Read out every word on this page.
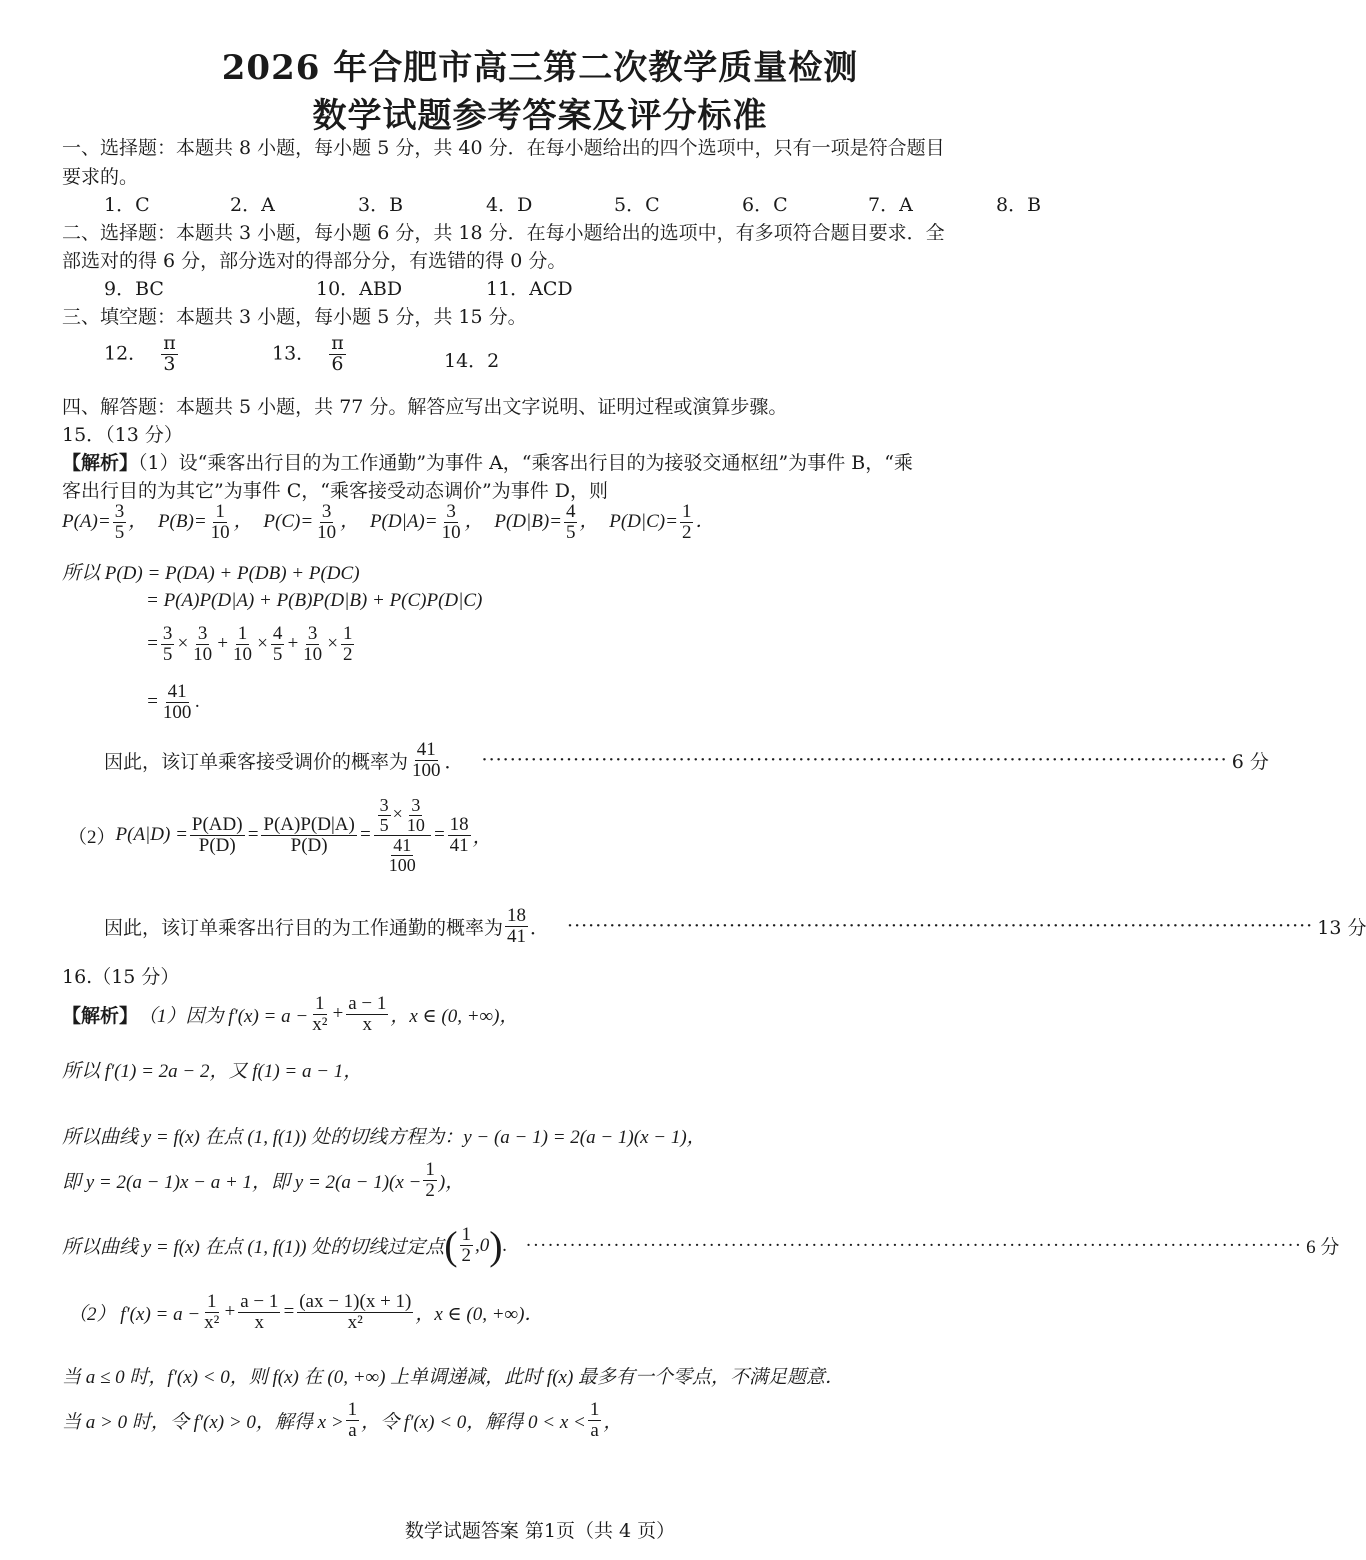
2026 年合肥市高三第二次教学质量检测
数学试题参考答案及评分标准
一、选择题：本题共 8 小题，每小题 5 分，共 40 分．在每小题给出的四个选项中，只有一项是符合题目
要求的。
1．C	2．A	3．B	4．D	5．C	6．C	7．A	8．B
二、选择题：本题共 3 小题，每小题 6 分，共 18 分．在每小题给出的选项中，有多项符合题目要求．全
部选对的得 6 分，部分选对的得部分分，有选错的得 0 分。
9．BC	10．ABD	11．ACD
三、填空题：本题共 3 小题，每小题 5 分，共 15 分。
12． $\frac{\pi}{3}$	13． $\frac{\pi}{6}$	14．2
四、解答题：本题共 5 小题，共 77 分。解答应写出文字说明、证明过程或演算步骤。
15．（13 分）
【解析】（1）设“乘客出行目的为工作通勤”为事件 A，“乘客出行目的为接驳交通枢纽”为事件 B，“乘
客出行目的为其它”为事件 C，“乘客接受动态调价”为事件 D，则
$P(A)= \frac{3}{5}$ ， $P(B)= \frac{1}{10}$ ， $P(C)= \frac{3}{10}$ ， $P(D|A)= \frac{3}{10}$ ， $P(D|B)= \frac{4}{5}$ ， $P(D|C)= \frac{1}{2}$ ．
所以 P(D) = P(DA) + P(DB) + P(DC)
= P(A)P(D|A) + P(B)P(D|B) + P(C)P(D|C)
= $\frac{3}{5} \times \frac{3}{10} + \frac{1}{10} \times \frac{4}{5} + \frac{3}{10} \times \frac{1}{2}$
= $\frac{41}{100}$ .
因此，该订单乘客接受调价的概率为
41
100 ． ·········································································································· 6 分
（2） $P(A|D) = \frac{P(AD)}{P(D)} = \frac{P(A)P(D|A)}{P(D)} = \frac{\frac{3}{5} \times \frac{3}{10}}{\frac{41}{100}} = \frac{18}{41}$ ，
因此，该订单乘客出行目的为工作通勤的概率为
18
41 ． ·········································································································· 13 分
16.（15 分）
【解析】 （1）因为 $f'(x) = a - \frac{1}{\text{x²}} + \frac{a - 1}{x}$ ，x ∈ (0, +∞)，
所以 f′(1) = 2a − 2，又 f(1) = a − 1，
所以曲线 y = f(x) 在点 (1, f(1)) 处的切线方程为：y − (a − 1) = 2(a − 1)(x − 1)，
即 y = 2(a − 1)x − a + 1，即 $y = 2(a - 1)(x - \frac{1}{2}$ )，
所以曲线 y = f(x) 在点 (1, f(1)) 处的切线过定点 ( 1
2 ,0 ) . ·········································································································· 6 分
（2） $f'(x) = a - \frac{1}{\text{x²}} + \frac{a - 1}{x} = \frac{(ax - 1)(x + 1)}{\text{x²}}$ ，x ∈ (0, +∞)．
当 a ≤ 0 时，f′(x) < 0，则 f(x) 在 (0, +∞) 上单调递减，此时 f(x) 最多有一个零点，不满足题意．
当 a > 0 时，令 f′(x) > 0，解得 x >
1
a ，令 f′(x) < 0，解得 0 < x <
1
a ，
数学试题答案 第1页（共 4 页）
